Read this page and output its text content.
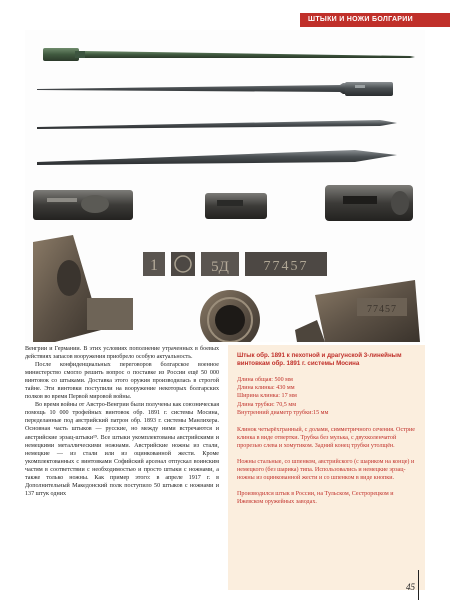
ШТЫКИ И НОЖИ БОЛГАРИИ
1	5Д 77457
77457

Венгрии и Германии. В этих условиях пополнение утраченных в боевых действиях запасов вооружения приобрело особую актуальность.

После конфиденциальных переговоров болгарское военное министерство смогло решить вопрос о поставке из России ещё 50 000 винтовок со штыками. Доставка этого оружия производилась в строгой тайне. Эти винтовки поступили на вооружение некоторых болгарских полков во время Первой мировой войны.

Во время войны от Австро-Венгрии были получены как союзническая помощь 10 000 трофейных винтовок обр. 1891 г. системы Мосина, переделанные под австрийский патрон обр. 1893 г. системы Манлихера. Основная часть штыков — русские, но между ними встречаются и австрийские эрзац-штыки¹⁹. Все штыки укомплектованы австрийскими и немецкими металлическими ножнами. Австрийские ножны из стали, немецкие — из стали или из оцинкованной жести. Кроме укомплектованных с винтовками Софийский арсенал отпускал воинским частям в соответствии с необходимостью и просто штыки с ножнами, а также только ножны. Как пример этого: в апреле 1917 г. в Дополнительный Македонский полк поступило 50 штыков с ножнами и 137 штук одних

Штык обр. 1891 к пехотной и драгунской 3-линейным винтовкам обр. 1891 г. системы Мосина
Длина общая: 500 мм
Длина клинка: 430 мм
Ширина клинка: 17 мм
Длина трубки: 70,5 мм
Внутренний диаметр трубки:15 мм
Клинок четырёхгранный, с долами, симметричного сечения. Острие клинка в виде отвертки. Трубка без мулька, с двухколенчатой прорезью слева и хомутиком. Задний конец трубки утолщён.
Ножны стальные, со шпенком, австрийского (с шариком на конце) и немецкого (без шарика) типа. Использовались и немецкие эрзац-ножны из оцинкованной жести и со шпенком в виде кнопки.
Производился штык в России, на Тульском, Сестрорецком и Ижевском оружейных заводах.
45
